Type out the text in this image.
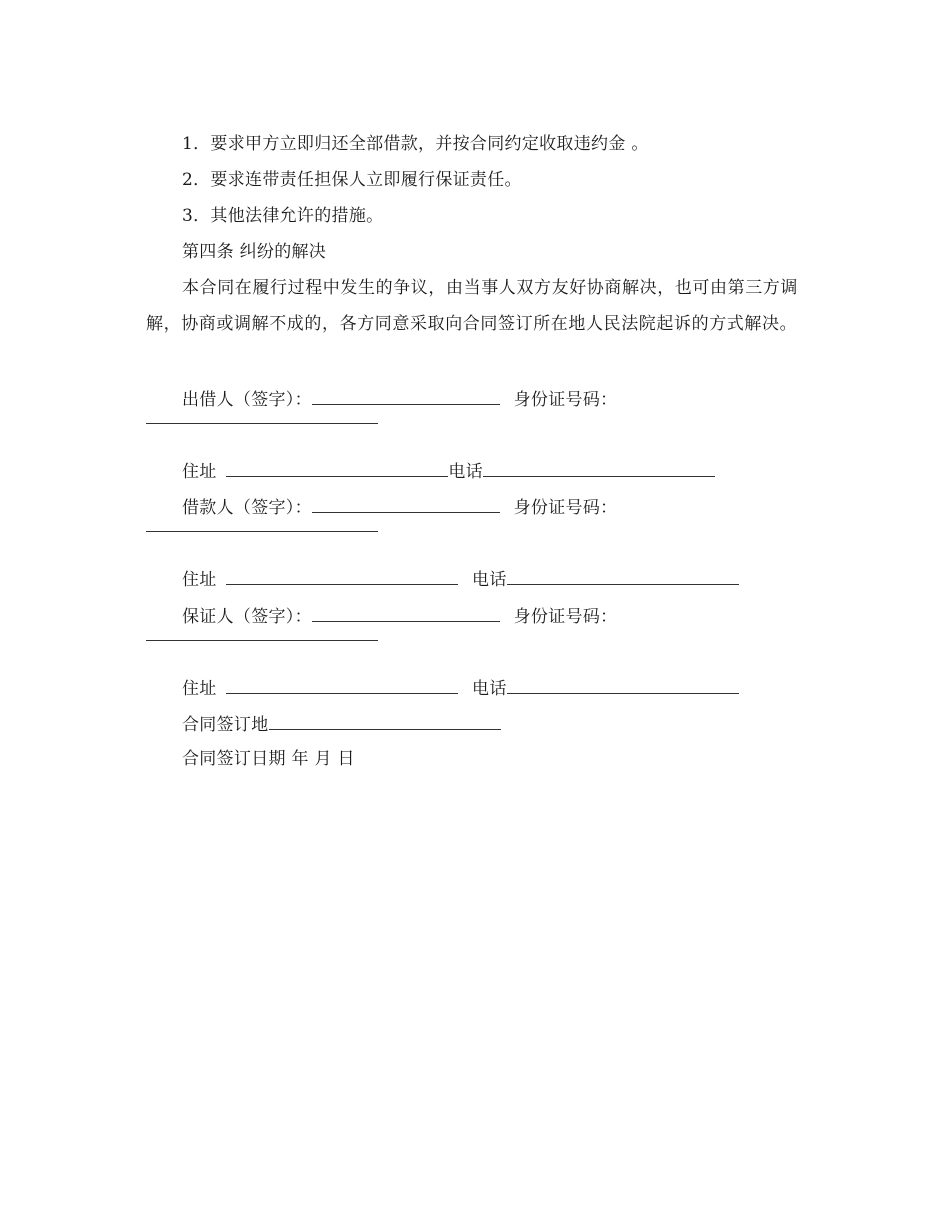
1．要求甲方立即归还全部借款，并按合同约定收取违约金 。
2．要求连带责任担保人立即履行保证责任。
3．其他法律允许的措施。
第四条 纠纷的解决
本合同在履行过程中发生的争议，由当事人双方友好协商解决，也可由第三方调解，协商或调解不成的，各方同意采取向合同签订所在地人民法院起诉的方式解决。
出借人（签字）：	身份证号码：
住址	电话
借款人（签字）：	身份证号码：
住址	电话
保证人（签字）：	身份证号码：
住址	电话
合同签订地
合同签订日期 年 月 日
